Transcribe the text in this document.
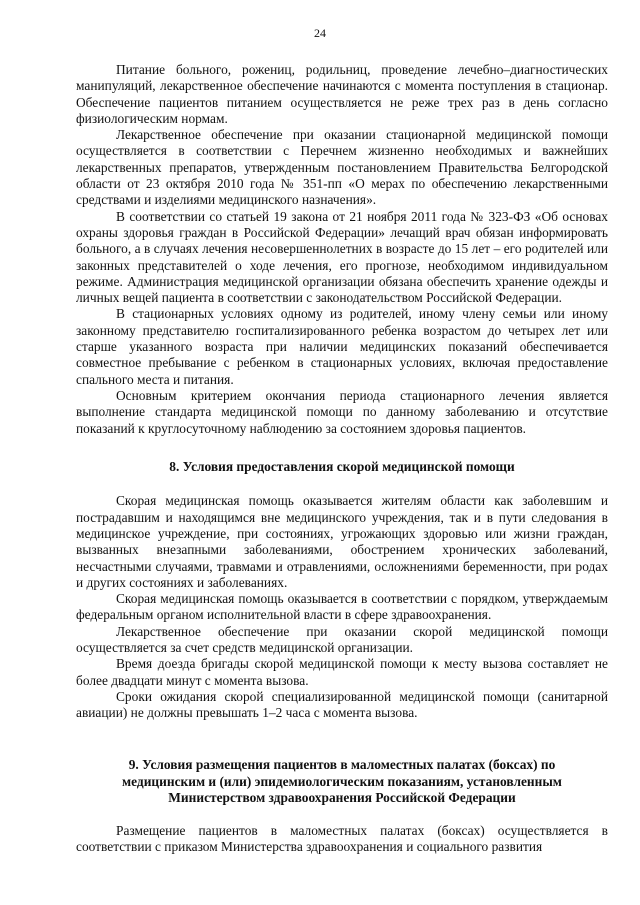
24

Питание больного, рожениц, родильниц, проведение лечебно–диагностических манипуляций, лекарственное обеспечение начинаются с момента поступления в стационар. Обеспечение пациентов питанием осуществляется не реже трех раз в день согласно физиологическим нормам.

Лекарственное обеспечение при оказании стационарной медицинской помощи осуществляется в соответствии с Перечнем жизненно необходимых и важнейших лекарственных препаратов, утвержденным постановлением Правительства Белгородской области от 23 октября 2010 года № 351-пп «О мерах по обеспечению лекарственными средствами и изделиями медицинского назначения».

В соответствии со статьей 19 закона от 21 ноября 2011 года № 323-ФЗ «Об основах охраны здоровья граждан в Российской Федерации» лечащий врач обязан информировать больного, а в случаях лечения несовершеннолетних в возрасте до 15 лет – его родителей или законных представителей о ходе лечения, его прогнозе, необходимом индивидуальном режиме. Администрация медицинской организации обязана обеспечить хранение одежды и личных вещей пациента в соответствии с законодательством Российской Федерации.

В стационарных условиях одному из родителей, иному члену семьи или иному законному представителю госпитализированного ребенка возрастом до четырех лет или старше указанного возраста при наличии медицинских показаний обеспечивается совместное пребывание с ребенком в стационарных условиях, включая предоставление спального места и питания.

Основным критерием окончания периода стационарного лечения является выполнение стандарта медицинской помощи по данному заболеванию и отсутствие показаний к круглосуточному наблюдению за состоянием здоровья пациентов.

8. Условия предоставления скорой медицинской помощи

Скорая медицинская помощь оказывается жителям области как заболевшим и пострадавшим и находящимся вне медицинского учреждения, так и в пути следования в медицинское учреждение, при состояниях, угрожающих здоровью или жизни граждан, вызванных внезапными заболеваниями, обострением хронических заболеваний, несчастными случаями, травмами и отравлениями, осложнениями беременности, при родах и других состояниях и заболеваниях.

Скорая медицинская помощь оказывается в соответствии с порядком, утверждаемым федеральным органом исполнительной власти в сфере здравоохранения.

Лекарственное обеспечение при оказании скорой медицинской помощи осуществляется за счет средств медицинской организации.

Время доезда бригады скорой медицинской помощи к месту вызова составляет не более двадцати минут с момента вызова.

Сроки ожидания скорой специализированной медицинской помощи (санитарной авиации) не должны превышать 1–2 часа с момента вызова.

9. Условия размещения пациентов в маломестных палатах (боксах) по медицинским и (или) эпидемиологическим показаниям, установленным Министерством здравоохранения Российской Федерации

Размещение пациентов в маломестных палатах (боксах) осуществляется в соответствии с приказом Министерства здравоохранения и социального развития
